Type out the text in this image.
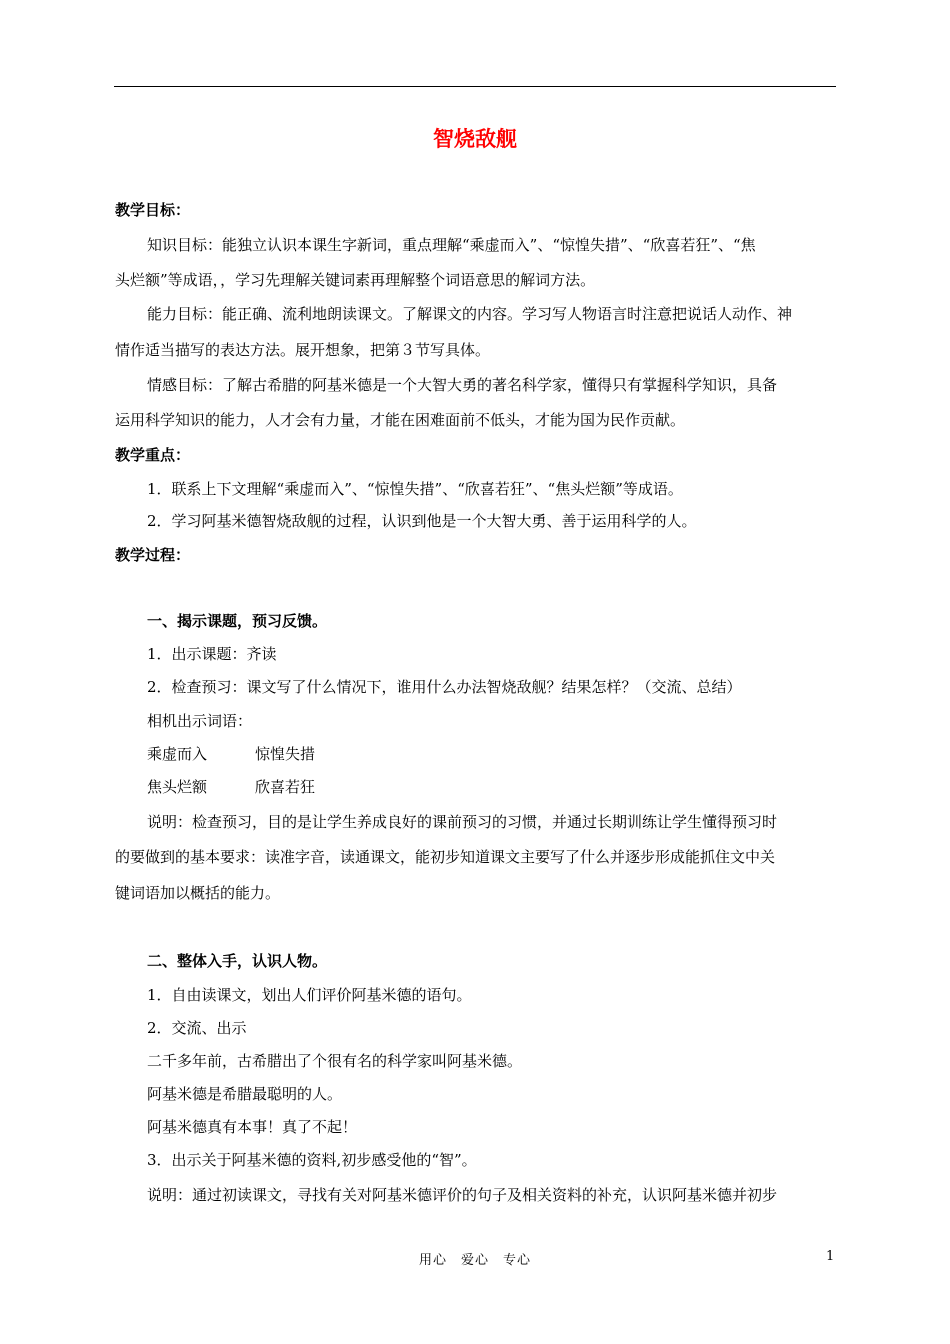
智烧敌舰
教学目标：
知识目标：能独立认识本课生字新词，重点理解“乘虚而入”、“惊惶失措”、“欣喜若狂”、“焦
头烂额”等成语，，学习先理解关键词素再理解整个词语意思的解词方法。
能力目标：能正确、流利地朗读课文。了解课文的内容。学习写人物语言时注意把说话人动作、神
情作适当描写的表达方法。展开想象，把第３节写具体。
情感目标：了解古希腊的阿基米德是一个大智大勇的著名科学家，懂得只有掌握科学知识，具备
运用科学知识的能力，人才会有力量，才能在困难面前不低头，才能为国为民作贡献。
教学重点：
1．联系上下文理解“乘虚而入”、“惊惶失措”、“欣喜若狂”、“焦头烂额”等成语。
2．学习阿基米德智烧敌舰的过程，认识到他是一个大智大勇、善于运用科学的人。
教学过程：
一、揭示课题，预习反馈。
1．出示课题：齐读
2．检查预习：课文写了什么情况下，谁用什么办法智烧敌舰？结果怎样？（交流、总结）
相机出示词语：
乘虚而入	惊惶失措
焦头烂额	欣喜若狂
说明：检查预习，目的是让学生养成良好的课前预习的习惯，并通过长期训练让学生懂得预习时
的要做到的基本要求：读准字音，读通课文，能初步知道课文主要写了什么并逐步形成能抓住文中关
键词语加以概括的能力。
二、整体入手，认识人物。
1．自由读课文，划出人们评价阿基米德的语句。
2．交流、出示
二千多年前，古希腊出了个很有名的科学家叫阿基米德。
阿基米德是希腊最聪明的人。
阿基米德真有本事！真了不起！
3．出示关于阿基米德的资料,初步感受他的“智”。
说明：通过初读课文，寻找有关对阿基米德评价的句子及相关资料的补充，认识阿基米德并初步
用心　爱心　专心	1
